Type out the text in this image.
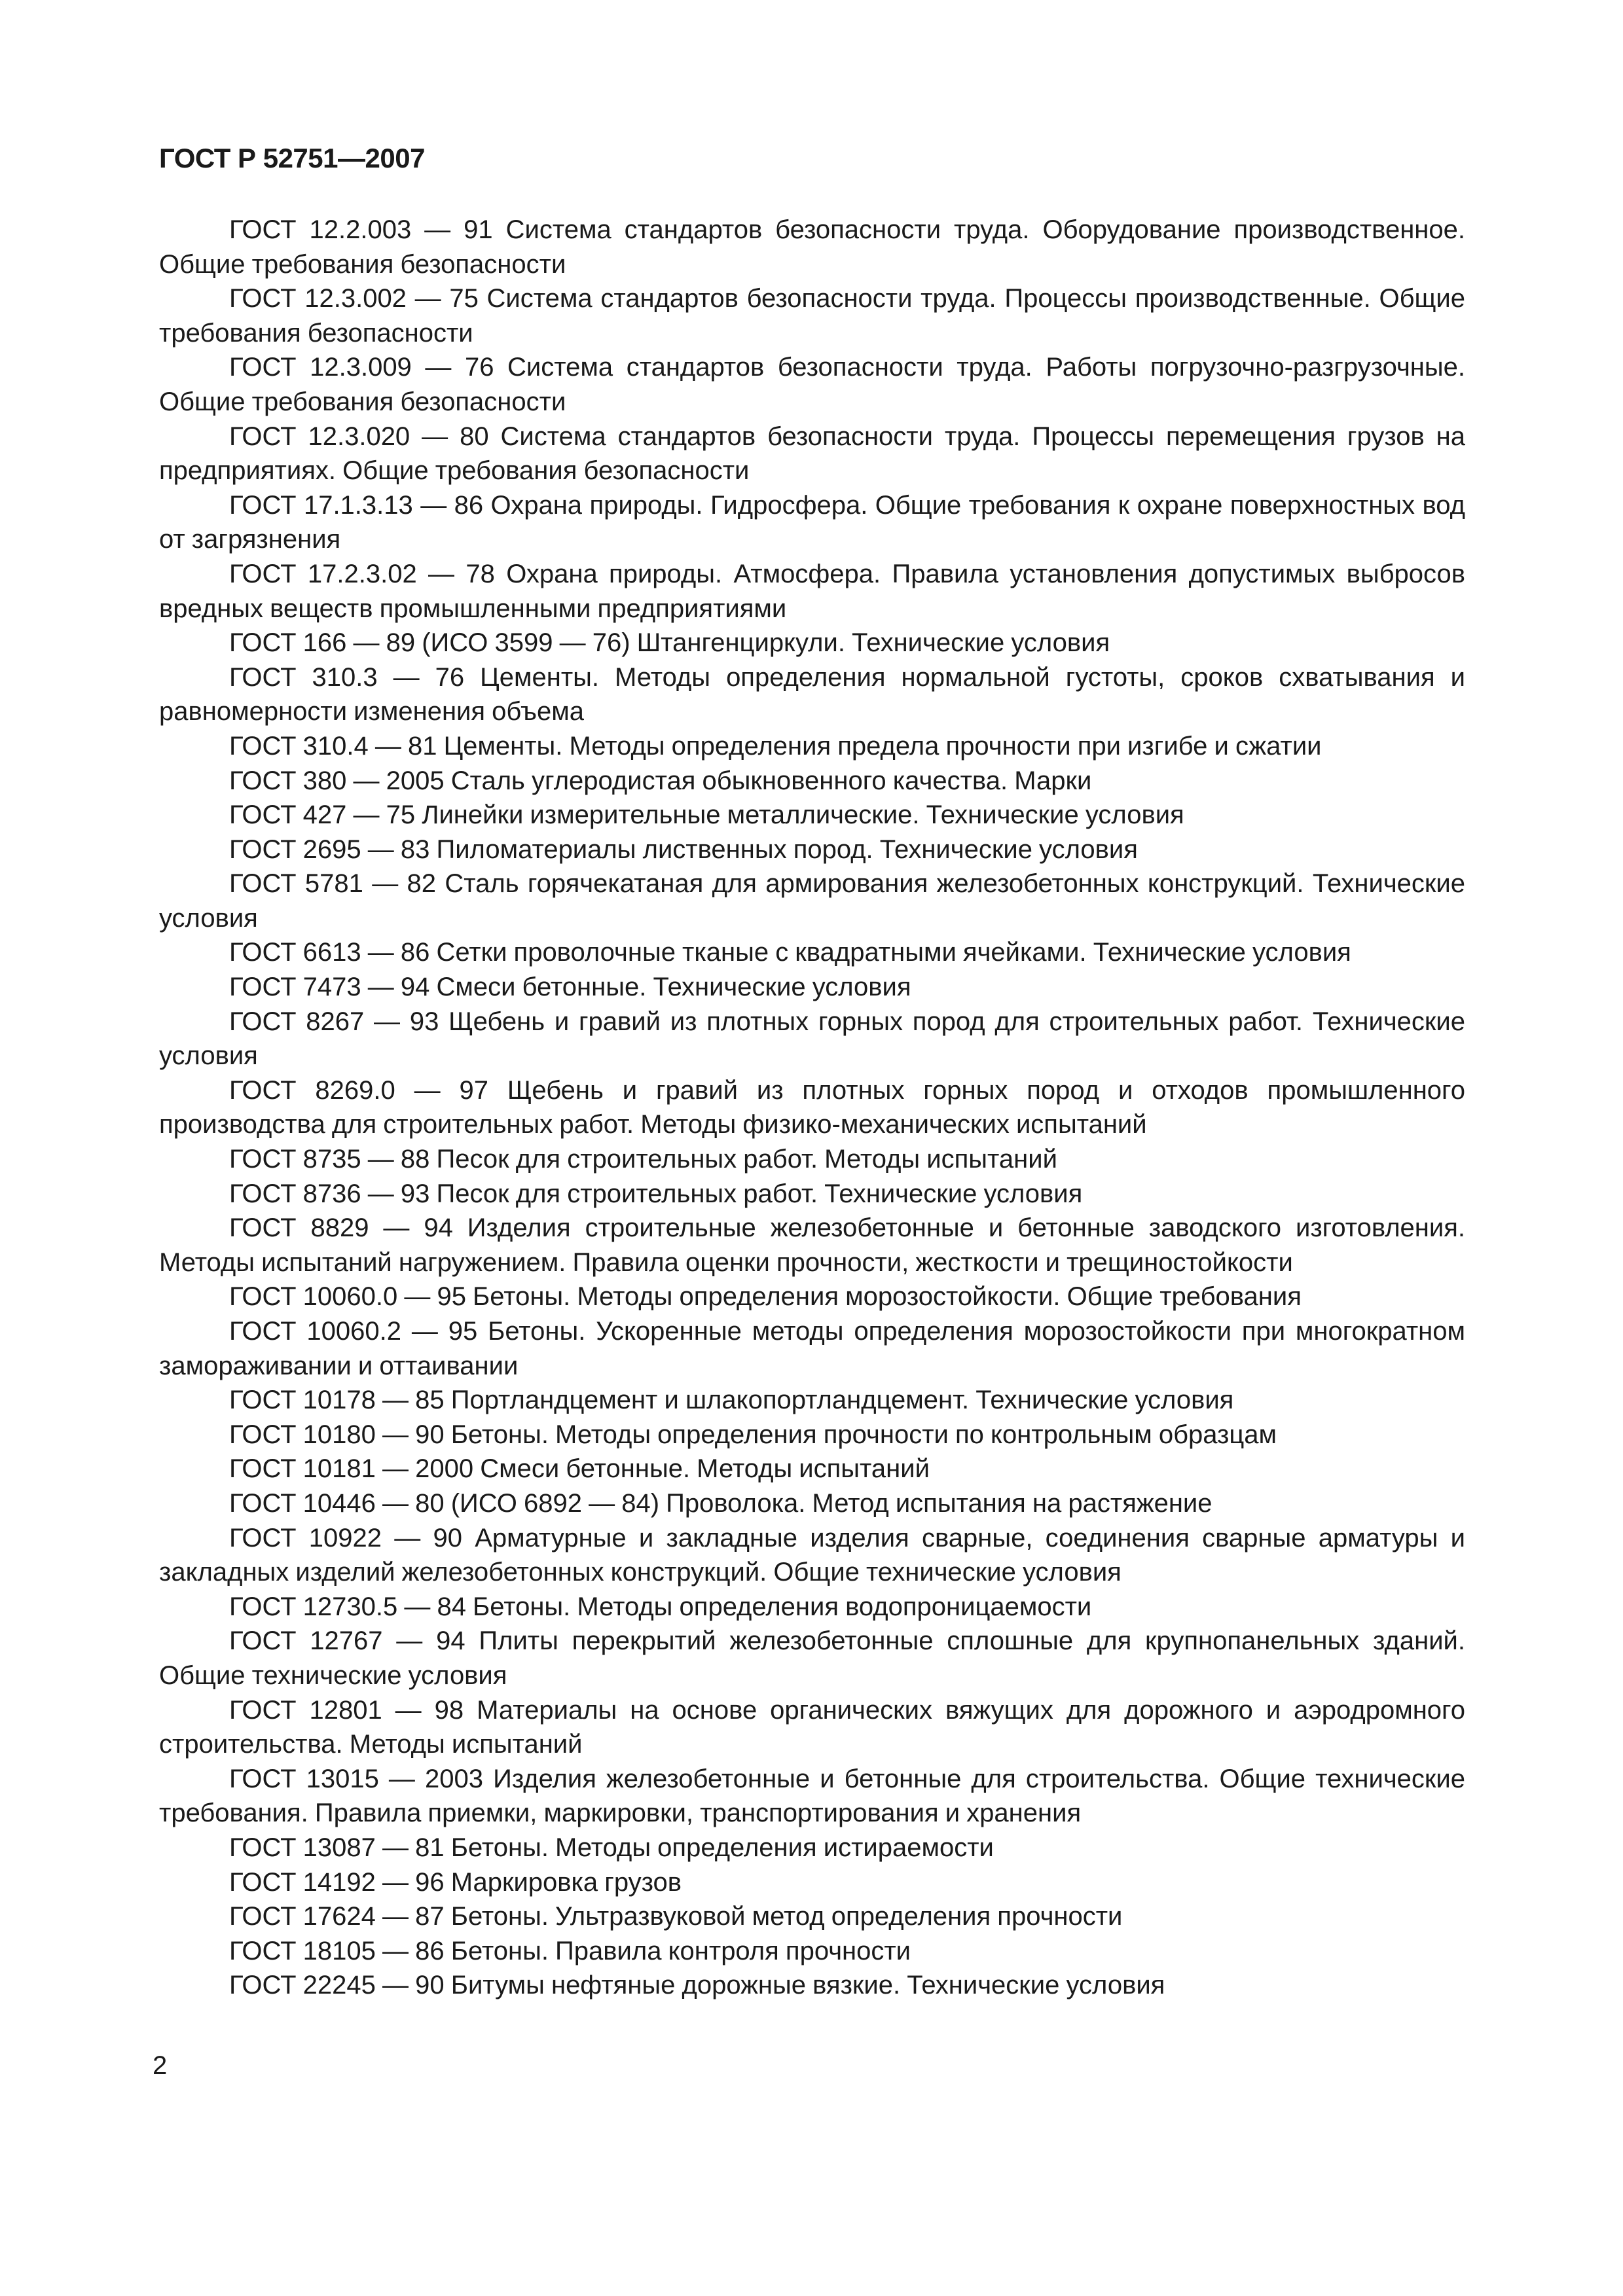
ГОСТ Р 52751—2007

ГОСТ 12.2.003 — 91 Система стандартов безопасности труда. Оборудование производственное. Общие требования безопасности

ГОСТ 12.3.002 — 75 Система стандартов безопасности труда. Процессы производственные. Общие требования безопасности

ГОСТ 12.3.009 — 76 Система стандартов безопасности труда. Работы погрузочно-разгрузочные. Общие требования безопасности

ГОСТ 12.3.020 — 80 Система стандартов безопасности труда. Процессы перемещения грузов на предприятиях. Общие требования безопасности

ГОСТ 17.1.3.13 — 86 Охрана природы. Гидросфера. Общие требования к охране поверхностных вод от загрязнения

ГОСТ 17.2.3.02 — 78 Охрана природы. Атмосфера. Правила установления допустимых выбросов вредных веществ промышленными предприятиями

ГОСТ 166 — 89 (ИСО 3599 — 76) Штангенциркули. Технические условия

ГОСТ 310.3 — 76 Цементы. Методы определения нормальной густоты, сроков схватывания и равномерности изменения объема

ГОСТ 310.4 — 81 Цементы. Методы определения предела прочности при изгибе и сжатии

ГОСТ 380 — 2005 Сталь углеродистая обыкновенного качества. Марки

ГОСТ 427 — 75 Линейки измерительные металлические. Технические условия

ГОСТ 2695 — 83 Пиломатериалы лиственных пород. Технические условия

ГОСТ 5781 — 82 Сталь горячекатаная для армирования железобетонных конструкций. Технические условия

ГОСТ 6613 — 86 Сетки проволочные тканые с квадратными ячейками. Технические условия

ГОСТ 7473 — 94 Смеси бетонные. Технические условия

ГОСТ 8267 — 93 Щебень и гравий из плотных горных пород для строительных работ. Технические условия

ГОСТ 8269.0 — 97 Щебень и гравий из плотных горных пород и отходов промышленного производства для строительных работ. Методы физико-механических испытаний

ГОСТ 8735 — 88 Песок для строительных работ. Методы испытаний

ГОСТ 8736 — 93 Песок для строительных работ. Технические условия

ГОСТ 8829 — 94 Изделия строительные железобетонные и бетонные заводского изготовления. Методы испытаний нагружением. Правила оценки прочности, жесткости и трещиностойкости

ГОСТ 10060.0 — 95 Бетоны. Методы определения морозостойкости. Общие требования

ГОСТ 10060.2 — 95 Бетоны. Ускоренные методы определения морозостойкости при многократном замораживании и оттаивании

ГОСТ 10178 — 85 Портландцемент и шлакопортландцемент. Технические условия

ГОСТ 10180 — 90 Бетоны. Методы определения прочности по контрольным образцам

ГОСТ 10181 — 2000 Смеси бетонные. Методы испытаний

ГОСТ 10446 — 80 (ИСО 6892 — 84) Проволока. Метод испытания на растяжение

ГОСТ 10922 — 90 Арматурные и закладные изделия сварные, соединения сварные арматуры и закладных изделий железобетонных конструкций. Общие технические условия

ГОСТ 12730.5 — 84 Бетоны. Методы определения водопроницаемости

ГОСТ 12767 — 94 Плиты перекрытий железобетонные сплошные для крупнопанельных зданий. Общие технические условия

ГОСТ 12801 — 98 Материалы на основе органических вяжущих для дорожного и аэродромного строительства. Методы испытаний

ГОСТ 13015 — 2003 Изделия железобетонные и бетонные для строительства. Общие технические требования. Правила приемки, маркировки, транспортирования и хранения

ГОСТ 13087 — 81 Бетоны. Методы определения истираемости

ГОСТ 14192 — 96 Маркировка грузов

ГОСТ 17624 — 87 Бетоны. Ультразвуковой метод определения прочности

ГОСТ 18105 — 86 Бетоны. Правила контроля прочности

ГОСТ 22245 — 90 Битумы нефтяные дорожные вязкие. Технические условия

2
